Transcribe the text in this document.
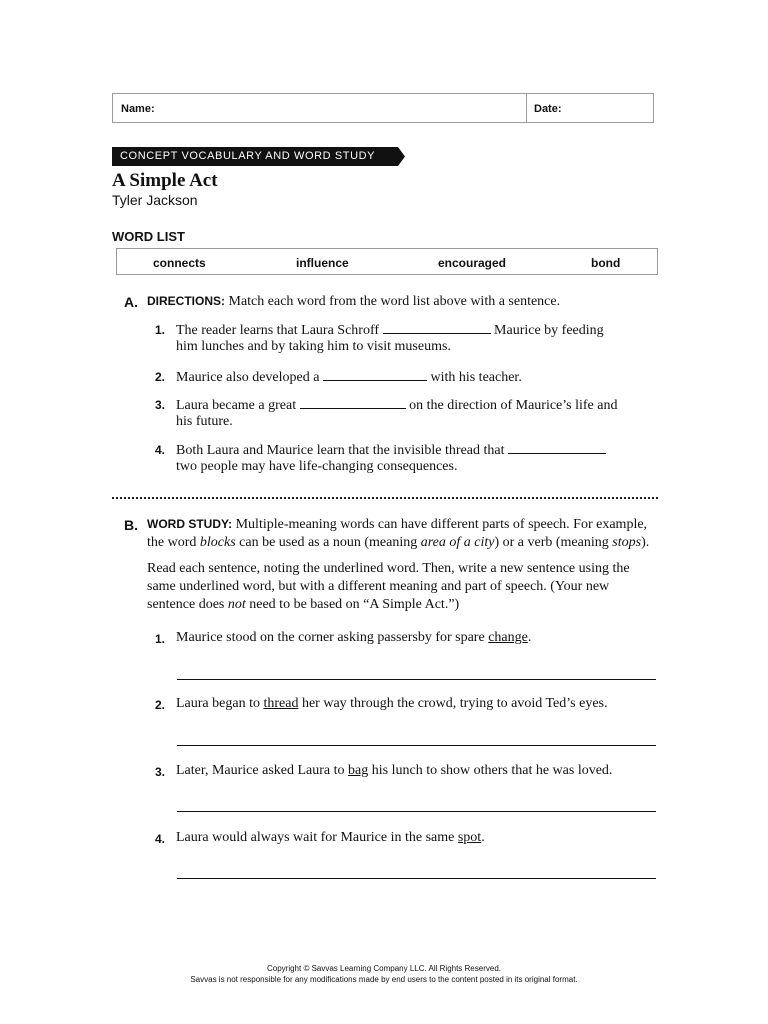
Name:	Date:
CONCEPT VOCABULARY AND WORD STUDY
A Simple Act
Tyler Jackson
WORD LIST
connects	influence	encouraged	bond
A. DIRECTIONS: Match each word from the word list above with a sentence.
1. The reader learns that Laura Schroff	Maurice by feeding
him lunches and by taking him to visit museums.
2. Maurice also developed a	with his teacher.
3. Laura became a great	on the direction of Maurice’s life and
his future.
4. Both Laura and Maurice learn that the invisible thread that
two people may have life-changing consequences.
B. WORD STUDY: Multiple-meaning words can have different parts of speech. For example,
the word blocks can be used as a noun (meaning area of a city) or a verb (meaning stops).
Read each sentence, noting the underlined word. Then, write a new sentence using the
same underlined word, but with a different meaning and part of speech. (Your new
sentence does not need to be based on “A Simple Act.”)
1. Maurice stood on the corner asking passersby for spare change.
2. Laura began to thread her way through the crowd, trying to avoid Ted’s eyes.
3. Later, Maurice asked Laura to bag his lunch to show others that he was loved.
4. Laura would always wait for Maurice in the same spot.
Copyright © Savvas Learning Company LLC. All Rights Reserved.
Savvas is not responsible for any modifications made by end users to the content posted in its original format.
